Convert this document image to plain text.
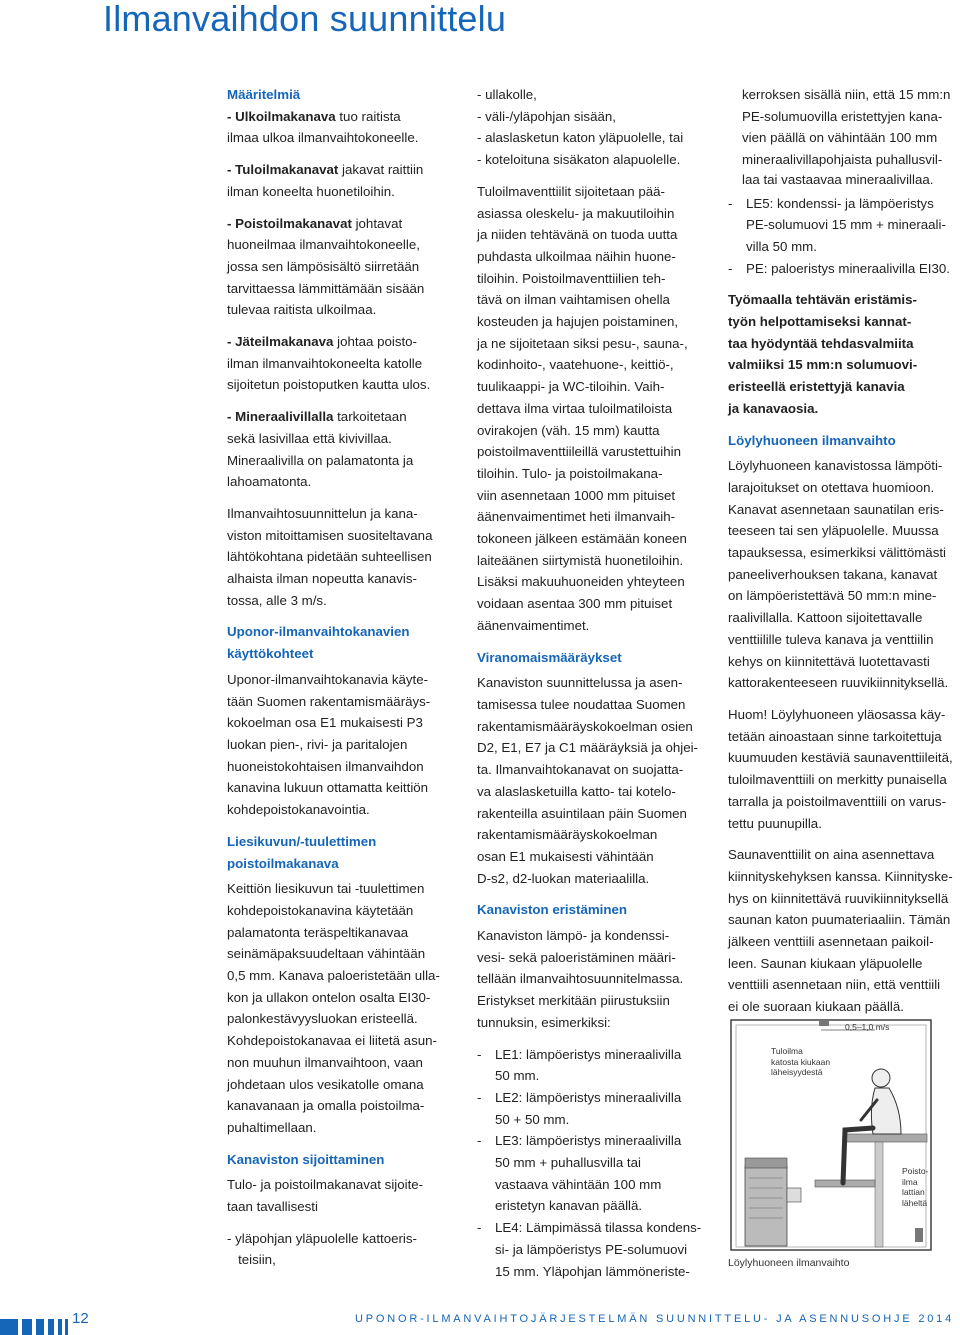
Ilmanvaihdon suunnittelu
Määritelmiä

- Ulkoilmakanava tuo raitista
ilmaa ulkoa ilmanvaihtokoneelle.

- Tuloilmakanavat jakavat raittiin
ilman koneelta huonetiloihin.

- Poistoilmakanavat johtavat
huoneilmaa ilmanvaihtokoneelle,
jossa sen lämpösisältö siirretään
tarvittaessa lämmittämään sisään
tulevaa raitista ulkoilmaa.

- Jäteilmakanava johtaa poisto-
ilman ilmanvaihtokoneelta katolle
sijoitetun poistoputken kautta ulos.

- Mineraalivillalla tarkoitetaan
sekä lasivillaa että kivivillaa.
Mineraalivilla on palamatonta ja
lahoamatonta.

Ilmanvaihtosuunnittelun ja kana-
viston mitoittamisen suositeltavana
lähtökohtana pidetään suhteellisen
alhaista ilman nopeutta kanavis-
tossa, alle 3 m/s.

Uponor-ilmanvaihtokanavien
käyttökohteet

Uponor-ilmanvaihtokanavia käyte-
tään Suomen rakentamismääräys-
kokoelman osa E1 mukaisesti P3
luokan pien-, rivi- ja paritalojen
huoneistokohtaisen ilmanvaihdon
kanavina lukuun ottamatta keittiön
kohdepoistokanavointia.

Liesikuvun/-tuulettimen
poistoilmakanava

Keittiön liesikuvun tai -tuulettimen
kohdepoistokanavina käytetään
palamatonta teräspeltikanavaa
seinämäpaksuudeltaan vähintään
0,5 mm. Kanava paloeristetään ulla-
kon ja ullakon ontelon osalta EI30-
palonkestävyysluokan eristeellä.
Kohdepoistokanavaa ei liitetä asun-
non muuhun ilmanvaihtoon, vaan
johdetaan ulos vesikatolle omana
kanavanaan ja omalla poistoilma-
puhaltimellaan.

Kanaviston sijoittaminen

Tulo- ja poistoilmakanavat sijoite-
taan tavallisesti

- yläpohjan yläpuolelle kattoeris-
teisiin,

- ullakolle,
- väli-/yläpohjan sisään,
- alaslasketun katon yläpuolelle, tai
- koteloituna sisäkaton alapuolelle.

Tuloilmaventtiilit sijoitetaan pää-
asiassa oleskelu- ja makuutiloihin
ja niiden tehtävänä on tuoda uutta
puhdasta ulkoilmaa näihin huone-
tiloihin. Poistoilmaventtiilien teh-
tävä on ilman vaihtamisen ohella
kosteuden ja hajujen poistaminen,
ja ne sijoitetaan siksi pesu-, sauna-,
kodinhoito-, vaatehuone-, keittiö-,
tuulikaappi- ja WC-tiloihin. Vaih-
dettava ilma virtaa tuloilmatiloista
ovirakojen (väh. 15 mm) kautta
poistoilmaventtiileillä varustettuihin
tiloihin. Tulo- ja poistoilmakana-
viin asennetaan 1000 mm pituiset
äänenvaimentimet heti ilmanvaih-
tokoneen jälkeen estämään koneen
laiteäänen siirtymistä huonetiloihin.
Lisäksi makuuhuoneiden yhteyteen
voidaan asentaa 300 mm pituiset
äänenvaimentimet.

Viranomaismääräykset

Kanaviston suunnittelussa ja asen-
tamisessa tulee noudattaa Suomen
rakentamismääräyskokoelman osien
D2, E1, E7 ja C1 määräyksiä ja ohjei-
ta. Ilmanvaihtokanavat on suojatta-
va alaslasketuilla katto- tai kotelo-
rakenteilla asuintilaan päin Suomen
rakentamismääräyskokoelman
osan E1 mukaisesti vähintään
D-s2, d2-luokan materiaalilla.

Kanaviston eristäminen

Kanaviston lämpö- ja kondenssi-
vesi- sekä paloeristäminen määri-
tellään ilmanvaihtosuunnitelmassa.
Eristykset merkitään piirustuksiin
tunnuksin, esimerkiksi:

-	LE1: lämpöeristys mineraalivilla
50 mm.
-	LE2: lämpöeristys mineraalivilla
50 + 50 mm.
-	LE3: lämpöeristys mineraalivilla
50 mm + puhallusvilla tai
vastaava vähintään 100 mm
eristetyn kanavan päällä.
-	LE4: Lämpimässä tilassa kondens-
si- ja lämpöeristys PE-solumuovi
15 mm. Yläpohjan lämmöneriste-

kerroksen sisällä niin, että 15 mm:n
PE-solumuovilla eristettyjen kana-
vien päällä on vähintään 100 mm
mineraalivillapohjaista puhallusvil-
laa tai vastaavaa mineraalivillaa.

-	LE5: kondenssi- ja lämpöeristys
PE-solumuovi 15 mm + mineraali-
villa 50 mm.
-	PE: paloeristys mineraalivilla EI30.

Työmaalla tehtävän eristämis-
työn helpottamiseksi kannat-
taa hyödyntää tehdasvalmiita
valmiiksi 15 mm:n solumuovi-
eristeellä eristettyjä kanavia
ja kanavaosia.

Löylyhuoneen ilmanvaihto

Löylyhuoneen kanavistossa lämpöti-
larajoitukset on otettava huomioon.
Kanavat asennetaan saunatilan eris-
teeseen tai sen yläpuolelle. Muussa
tapauksessa, esimerkiksi välittömästi
paneeliverhouksen takana, kanavat
on lämpöeristettävä 50 mm:n mine-
raalivillalla. Kattoon sijoitettavalle
venttiilille tuleva kanava ja venttiilin
kehys on kiinnitettävä luotettavasti
kattorakenteeseen ruuvikiinnityksellä.

Huom! Löylyhuoneen yläosassa käy-
tetään ainoastaan sinne tarkoitettuja
kuumuuden kestäviä saunaventtiileitä,
tuloilmaventtiili on merkitty punaisella
tarralla ja poistoilmaventtiili on varus-
tettu puunupilla.

Saunaventtiilit on aina asennettava
kiinnityskehyksen kanssa. Kiinnityske-
hys on kiinnitettävä ruuvikiinnityksellä
saunan katon puumateriaaliin. Tämän
jälkeen venttiili asennetaan paikoil-
leen. Saunan kiukaan yläpuolelle
venttiili asennetaan niin, että venttiili
ei ole suoraan kiukaan päällä.

0,5–1,0 m/s
Tuloilma
katosta kiukaan
läheisyydestä
Poisto-
ilma
lattian
läheltä
Löylyhuoneen ilmanvaihto
12	UPONOR-ILMANVAIHTOJÄRJESTELMÄN SUUNNITTELU- JA ASENNUSOHJE 2014
